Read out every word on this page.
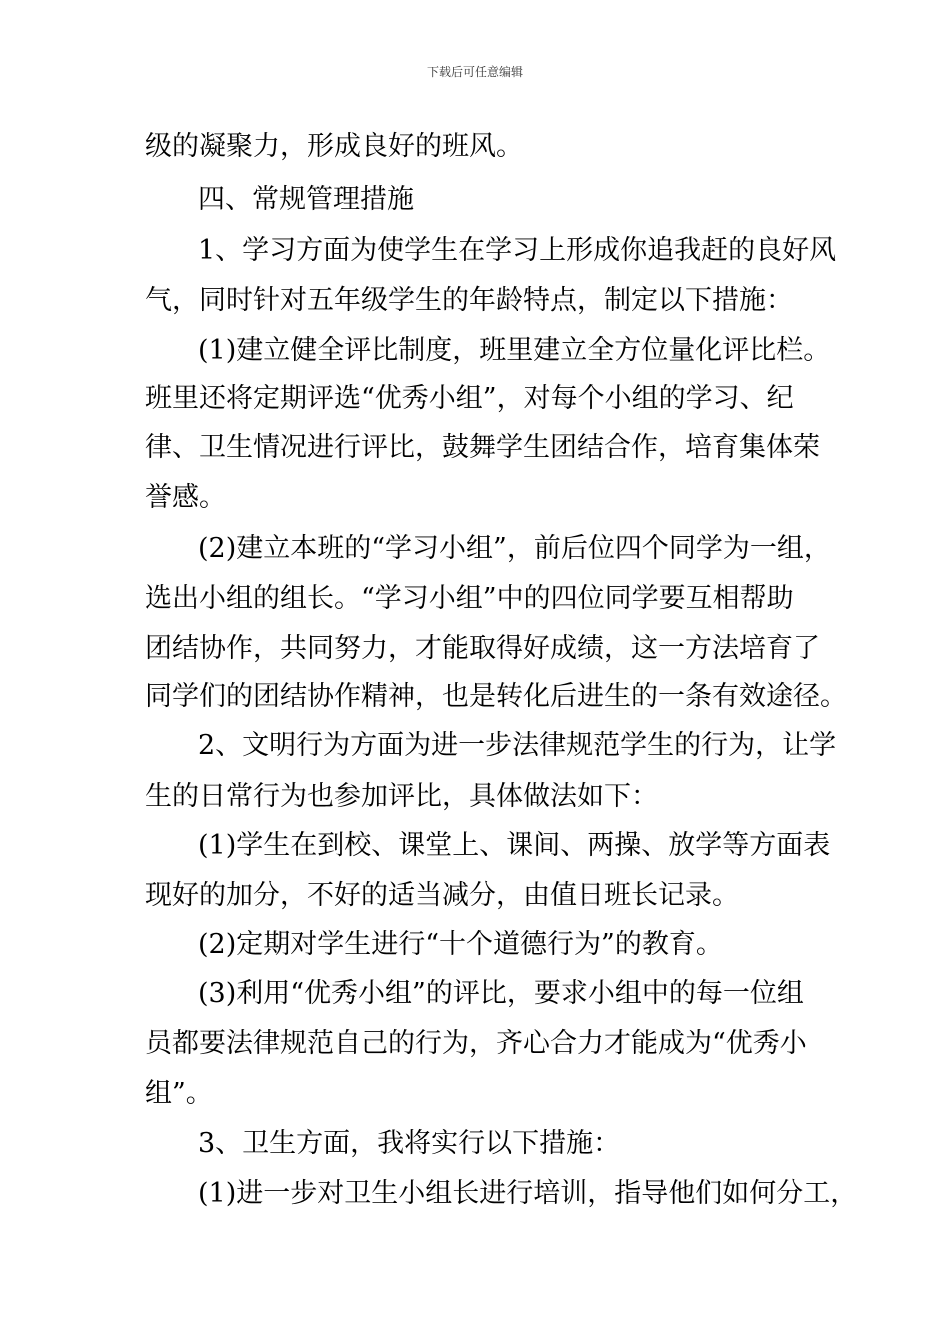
下载后可任意编辑
级的凝聚力，形成良好的班风。
四、常规管理措施
1、学习方面为使学生在学习上形成你追我赶的良好风
气，同时针对五年级学生的年龄特点，制定以下措施：
(1)建立健全评比制度，班里建立全方位量化评比栏。
班里还将定期评选“优秀小组”，对每个小组的学习、纪
律、卫生情况进行评比，鼓舞学生团结合作，培育集体荣
誉感。
(2)建立本班的“学习小组”，前后位四个同学为一组，
选出小组的组长。“学习小组”中的四位同学要互相帮助
团结协作，共同努力，才能取得好成绩，这一方法培育了
同学们的团结协作精神，也是转化后进生的一条有效途径。
2、文明行为方面为进一步法律规范学生的行为，让学
生的日常行为也参加评比，具体做法如下：
(1)学生在到校、课堂上、课间、两操、放学等方面表
现好的加分，不好的适当减分，由值日班长记录。
(2)定期对学生进行“十个道德行为”的教育。
(3)利用“优秀小组”的评比，要求小组中的每一位组
员都要法律规范自己的行为，齐心合力才能成为“优秀小
组”。
3、卫生方面，我将实行以下措施：
(1)进一步对卫生小组长进行培训，指导他们如何分工，
